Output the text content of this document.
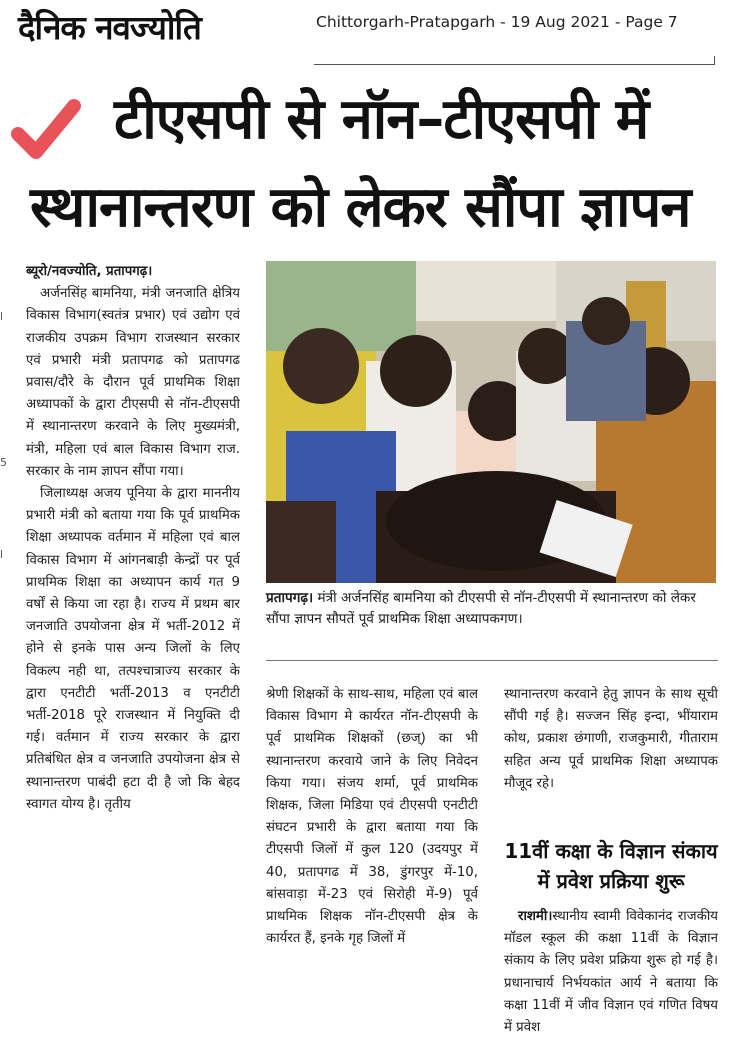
दैनिक नवज्योति	Chittorgarh-Pratapgarh - 19 Aug 2021 - Page 7
टीएसपी से नॉन–टीएसपी में
स्थानान्तरण को लेकर सौंपा ज्ञापन
l
5
l

ब्यूरो/नवज्योति, प्रतापगढ़।

अर्जनसिंह बामनिया, मंत्री जनजाति क्षेत्रिय विकास विभाग(स्वतंत्र प्रभार) एवं उद्योग एवं राजकीय उपक्रम विभाग राजस्थान सरकार एवं प्रभारी मंत्री प्रतापगढ को प्रतापगढ प्रवास/दौरे के दौरान पूर्व प्राथमिक शिक्षा अध्यापकों के द्वारा टीएसपी से नॉन-टीएसपी में स्थानान्तरण करवाने के लिए मुख्यमंत्री, मंत्री, महिला एवं बाल विकास विभाग राज. सरकार के नाम ज्ञापन सौंपा गया।

जिलाध्यक्ष अजय पूनिया के द्वारा माननीय प्रभारी मंत्री को बताया गया कि पूर्व प्राथमिक शिक्षा अध्यापक वर्तमान में महिला एवं बाल विकास विभाग में आंगनबाड़ी केन्द्रों पर पूर्व प्राथमिक शिक्षा का अध्यापन कार्य गत 9 वर्षों से किया जा रहा है। राज्य में प्रथम बार जनजाति उपयोजना क्षेत्र में भर्ती-2012 में होने से इनके पास अन्य जिलों के लिए विकल्प नही था, तत्पश्चात्राज्य सरकार के द्वारा एनटीटी भर्ती-2013 व एनटीटी भर्ती-2018 पूरे राजस्थान में नियुक्ति दी गई। वर्तमान में राज्य सरकार के द्वारा प्रतिबंधित क्षेत्र व जनजाति उपयोजना क्षेत्र से स्थानान्तरण पाबंदी हटा दी है जो कि बेहद स्वागत योग्य है। तृतीय

प्रतापगढ़। मंत्री अर्जनसिंह बामनिया को टीएसपी से नॉन-टीएसपी में स्थानान्तरण को लेकर सौंपा ज्ञापन सौपतें पूर्व प्राथमिक शिक्षा अध्यापकगण।

श्रेणी शिक्षकों के साथ-साथ, महिला एवं बाल विकास विभाग मे कार्यरत नॉन-टीएसपी के पूर्व प्राथमिक शिक्षकों (छज्) का भी स्थानान्तरण करवाये जाने के लिए निवेदन किया गया। संजय शर्मा, पूर्व प्राथमिक शिक्षक, जिला मिडिया एवं टीएसपी एनटीटी संघटन प्रभारी के द्वारा बताया गया कि टीएसपी जिलों में कुल 120 (उदयपुर में 40, प्रतापगढ में 38, डुंगरपुर में-10, बांसवाड़ा में-23 एवं सिरोही में-9) पूर्व प्राथमिक शिक्षक नॉन-टीएसपी क्षेत्र के कार्यरत हैं, इनके गृह जिलों में

स्थानान्तरण करवाने हेतु ज्ञापन के साथ सूची सौंपी गई है। सज्जन सिंह इन्दा, भींयाराम कोथ, प्रकाश छंगाणी, राजकुमारी, गीताराम सहित अन्य पूर्व प्राथमिक शिक्षा अध्यापक मौजूद रहे।

11वीं कक्षा के विज्ञान संकाय में प्रवेश प्रक्रिया शुरू

राशमी।स्थानीय स्वामी विवेकानंद राजकीय मॉडल स्कूल की कक्षा 11वीं के विज्ञान संकाय के लिए प्रवेश प्रक्रिया शुरू हो गई है। प्रधानाचार्य निर्भयकांत आर्य ने बताया कि कक्षा 11वीं में जीव विज्ञान एवं गणित विषय में प्रवेश
